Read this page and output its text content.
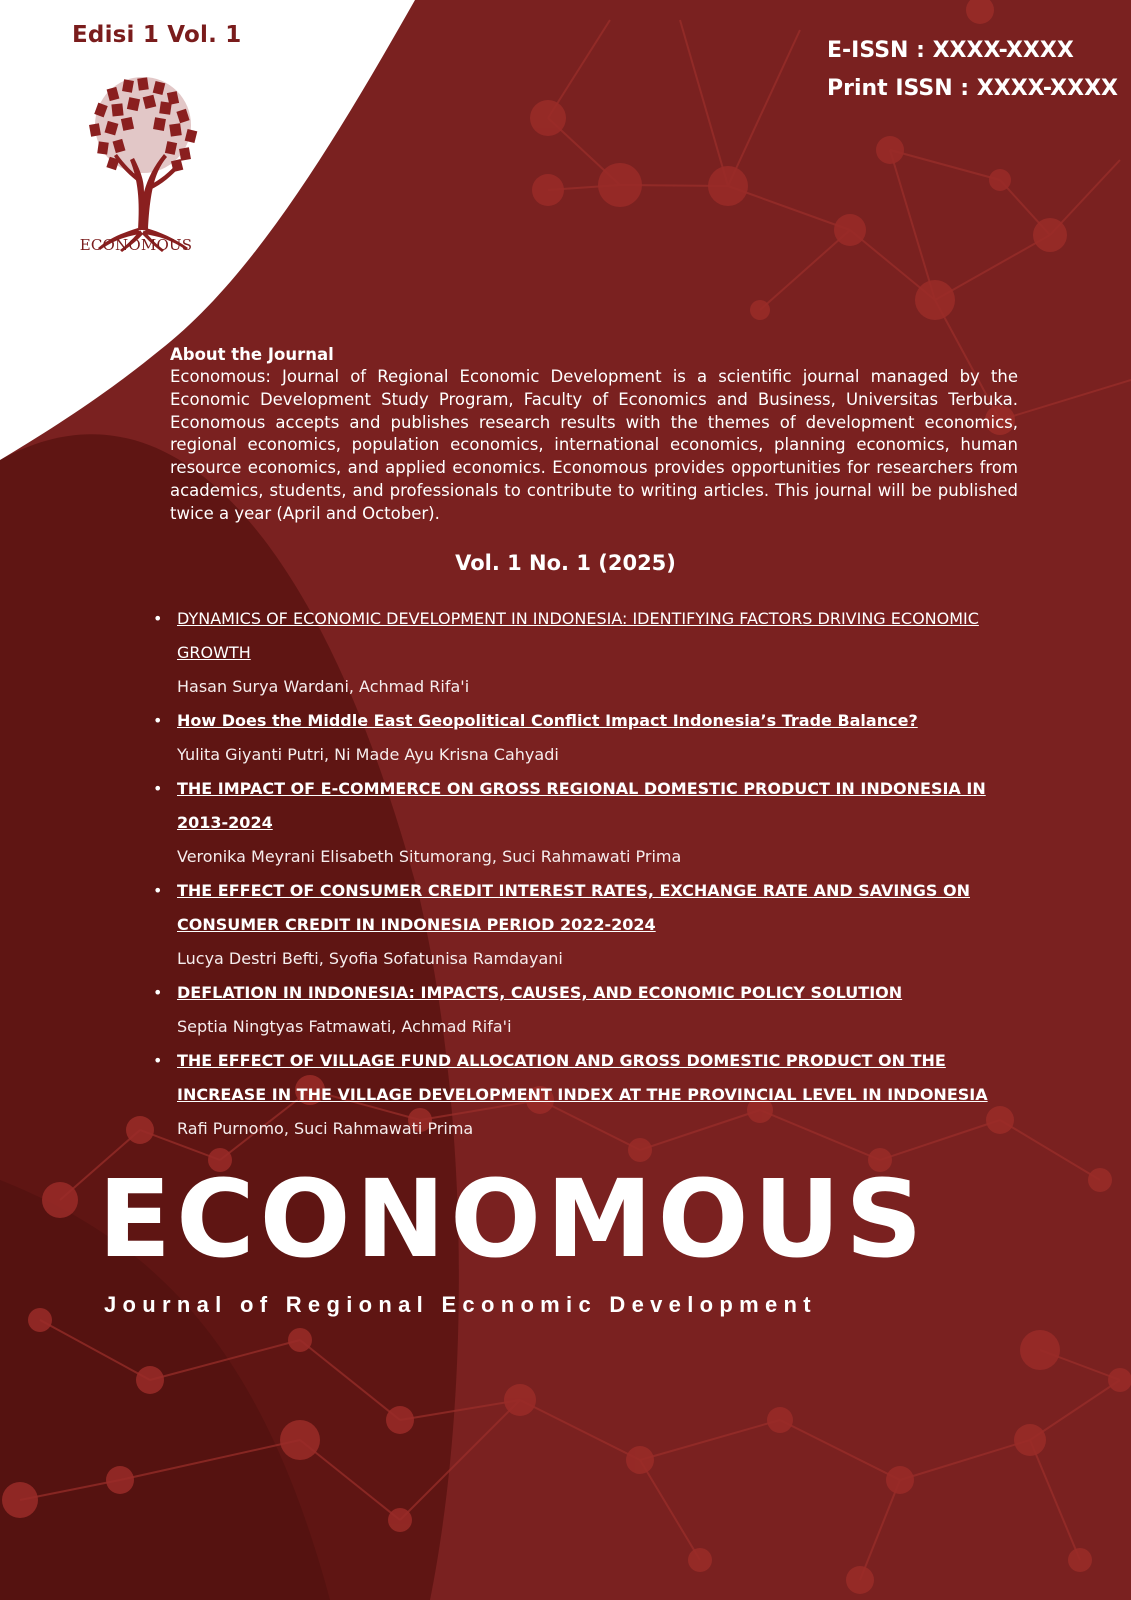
Edisi 1 Vol. 1
E-ISSN : XXXX-XXXX
Print ISSN : XXXX-XXXX
ECONOMOUS
About the Journal

Economous: Journal of Regional Economic Development is a scientific journal managed by the Economic Development Study Program, Faculty of Economics and Business, Universitas Terbuka. Economous accepts and publishes research results with the themes of development economics, regional economics, population economics, international economics, planning economics, human resource economics, and applied economics. Economous provides opportunities for researchers from academics, students, and professionals to contribute to writing articles. This journal will be published twice a year (April and October).

Vol. 1 No. 1 (2025)
• DYNAMICS OF ECONOMIC DEVELOPMENT IN INDONESIA: IDENTIFYING FACTORS DRIVING ECONOMIC GROWTH
Hasan Surya Wardani, Achmad Rifa'i
• How Does the Middle East Geopolitical Conflict Impact Indonesia’s Trade Balance?
Yulita Giyanti Putri, Ni Made Ayu Krisna Cahyadi
• THE IMPACT OF E-COMMERCE ON GROSS REGIONAL DOMESTIC PRODUCT IN INDONESIA IN 2013-2024
Veronika Meyrani Elisabeth Situmorang, Suci Rahmawati Prima
• THE EFFECT OF CONSUMER CREDIT INTEREST RATES, EXCHANGE RATE AND SAVINGS ON CONSUMER CREDIT IN INDONESIA PERIOD 2022-2024
Lucya Destri Befti, Syofia Sofatunisa Ramdayani
• DEFLATION IN INDONESIA: IMPACTS, CAUSES, AND ECONOMIC POLICY SOLUTION
Septia Ningtyas Fatmawati, Achmad Rifa'i
• THE EFFECT OF VILLAGE FUND ALLOCATION AND GROSS DOMESTIC PRODUCT ON THE INCREASE IN THE VILLAGE DEVELOPMENT INDEX AT THE PROVINCIAL LEVEL IN INDONESIA
Rafi Purnomo, Suci Rahmawati Prima
ECONOMOUS
Journal of Regional Economic Development
